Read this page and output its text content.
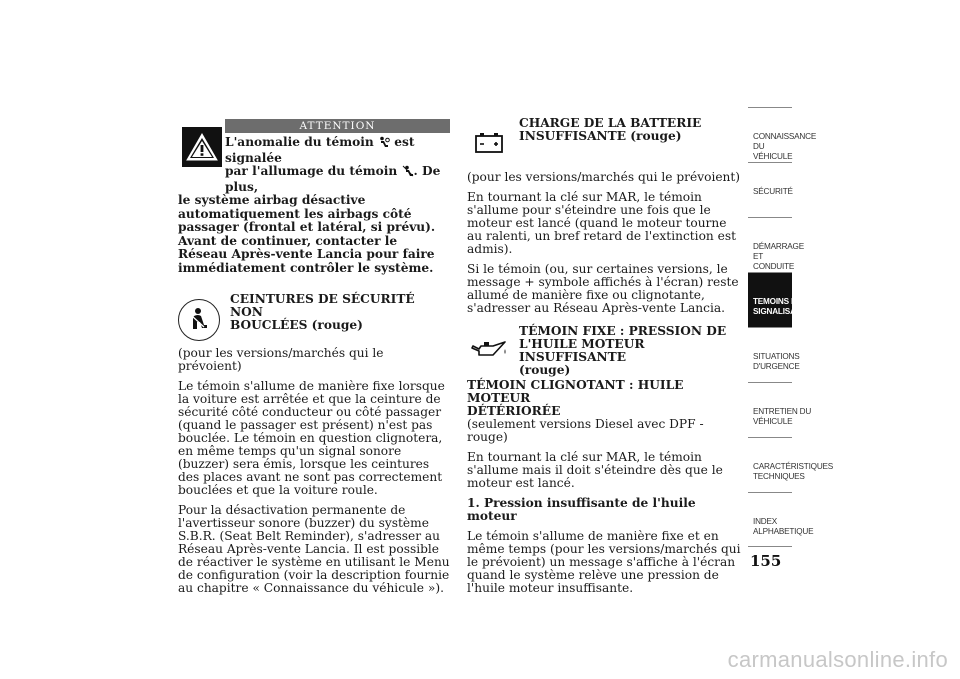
ATTENTION
L'anomalie du témoin  est signalée
par l'allumage du témoin . De plus,
le système airbag désactive automatiquement les airbags côté passager (frontal et latéral, si prévu). Avant de continuer, contacter le Réseau Après-vente Lancia pour faire immédiatement contrôler le système.
CEINTURES DE SÉCURITÉ NON
BOUCLÉES (rouge)

(pour les versions/marchés qui le prévoient)

Le témoin s'allume de manière fixe lorsque la voiture est arrêtée et que la ceinture de sécurité côté conducteur ou côté passager (quand le passager est présent) n'est pas bouclée. Le témoin en question clignotera, en même temps qu'un signal sonore (buzzer) sera émis, lorsque les ceintures des places avant ne sont pas correctement bouclées et que la voiture roule.

Pour la désactivation permanente de l'avertisseur sonore (buzzer) du système S.B.R. (Seat Belt Reminder), s'adresser au Réseau Après-vente Lancia. Il est possible de réactiver le système en utilisant le Menu de configuration (voir la description fournie au chapitre « Connaissance du véhicule »).

CHARGE DE LA BATTERIE
INSUFFISANTE (rouge)

(pour les versions/marchés qui le prévoient)

En tournant la clé sur MAR, le témoin s'allume pour s'éteindre une fois que le moteur est lancé (quand le moteur tourne au ralenti, un bref retard de l'extinction est admis).

Si le témoin (ou, sur certaines versions, le message + symbole affichés à l'écran) reste allumé de manière fixe ou clignotante, s'adresser au Réseau Après-vente Lancia.

TÉMOIN FIXE : PRESSION DE
L'HUILE MOTEUR INSUFFISANTE
(rouge)
TÉMOIN CLIGNOTANT : HUILE MOTEUR
DÉTÉRIORÉE

(seulement versions Diesel avec DPF - rouge)

En tournant la clé sur MAR, le témoin s'allume mais il doit s'éteindre dès que le moteur est lancé.

1. Pression insuffisante de l'huile moteur

Le témoin s'allume de manière fixe et en même temps (pour les versions/marchés qui le prévoient) un message s'affiche à l'écran quand le système relève une pression de l'huile moteur insuffisante.

CONNAISSANCE DU
VÉHICULE
SÉCURITÉ
DÉMARRAGE ET
CONDUITE
TEMOINS ET
SIGNALISATION
SITUATIONS
D'URGENCE
ENTRETIEN DU
VÉHICULE
CARACTÉRISTIQUES
TECHNIQUES
INDEX
ALPHABETIQUE
155
carmanualsonline.info
